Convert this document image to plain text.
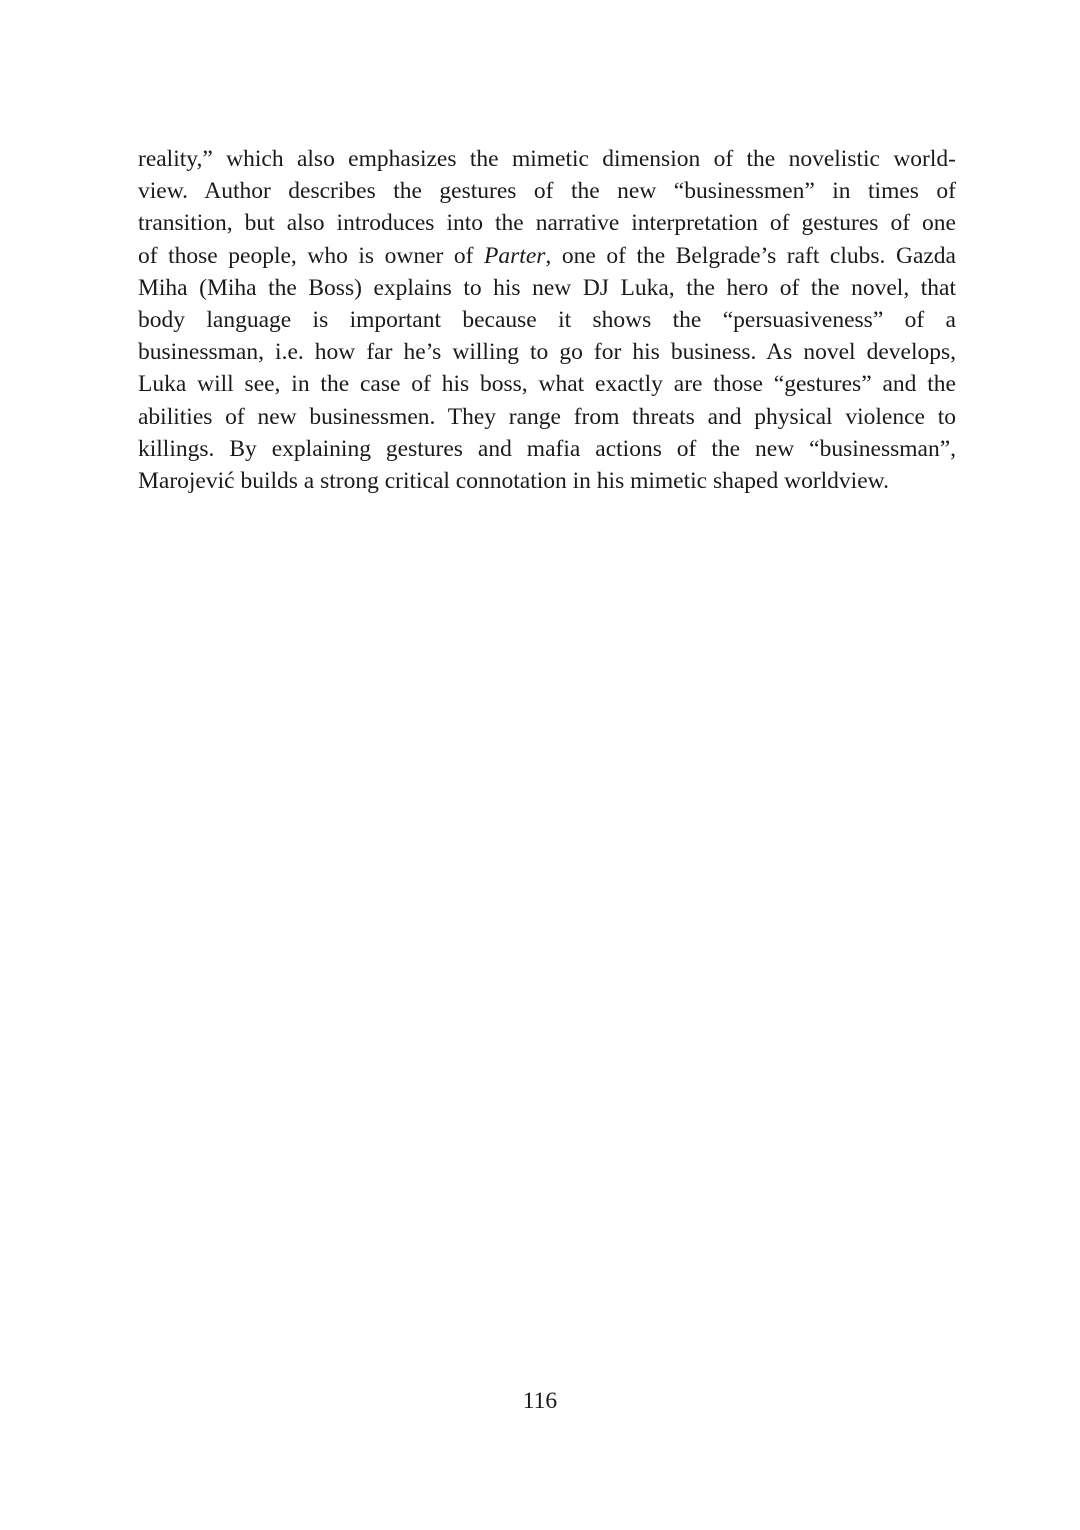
reality,” which also emphasizes the mimetic dimension of the novelistic world-
view. Author describes the gestures of the new “businessmen” in times of
transition, but also introduces into the narrative interpretation of gestures of one
of those people, who is owner of Parter, one of the Belgrade’s raft clubs. Gazda
Miha (Miha the Boss) explains to his new DJ Luka, the hero of the novel, that
body language is important because it shows the “persuasiveness” of a
businessman, i.e. how far he’s willing to go for his business. As novel develops,
Luka will see, in the case of his boss, what exactly are those “gestures” and the
abilities of new businessmen. They range from threats and physical violence to
killings. By explaining gestures and mafia actions of the new “businessman”,
Marojević builds a strong critical connotation in his mimetic shaped worldview.

116
